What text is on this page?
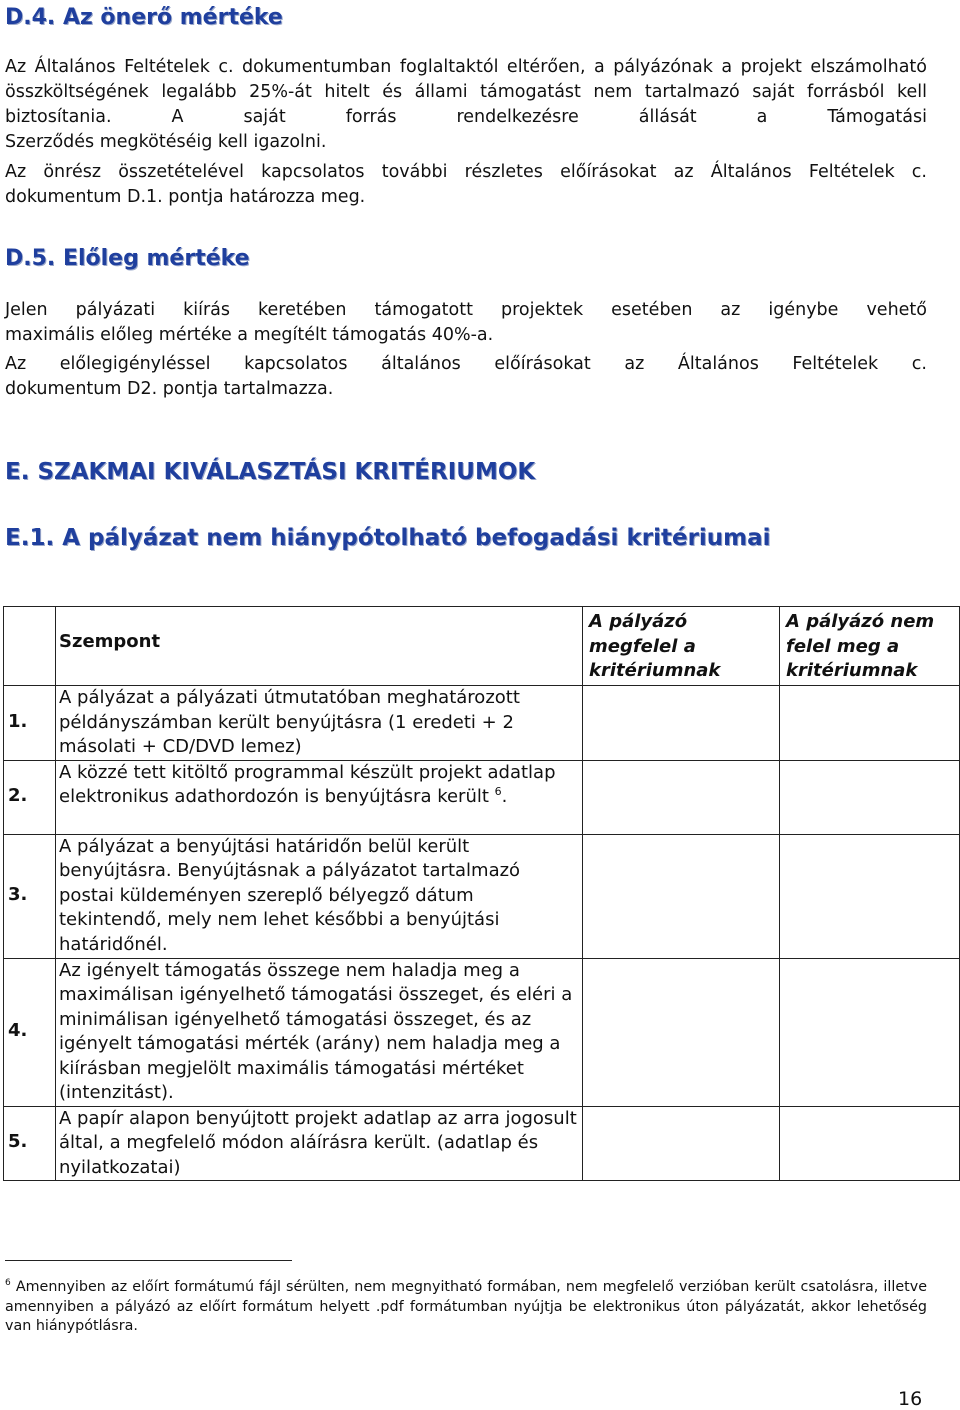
D.4. Az önerő mértéke

Az Általános Feltételek c. dokumentumban foglaltaktól eltérően, a pályázónak a projekt elszámolható összköltségének legalább 25%-át hitelt és állami támogatást nem tartalmazó saját forrásból kell biztosítania. A saját forrás rendelkezésre állását a Támogatási
Szerződés megkötéséig kell igazolni.

Az önrész összetételével kapcsolatos további részletes előírásokat az Általános Feltételek c.
dokumentum D.1. pontja határozza meg.

D.5. Előleg mértéke

Jelen pályázati kiírás keretében támogatott projektek esetében az igénybe vehető
maximális előleg mértéke a megítélt támogatás 40%-a.

Az előlegigényléssel kapcsolatos általános előírásokat az Általános Feltételek c.
dokumentum D2. pontja tartalmazza.

E. SZAKMAI KIVÁLASZTÁSI KRITÉRIUMOK
E.1. A pályázat nem hiánypótolható befogadási kritériumai
	Szempont	A pályázó megfelel a kritériumnak	A pályázó nem felel meg a kritériumnak
1.	A pályázat a pályázati útmutatóban meghatározott példányszámban került benyújtásra (1 eredeti + 2 másolati + CD/DVD lemez)		
2.	A közzé tett kitöltő programmal készült projekt adatlap elektronikus adathordozón is benyújtásra került $^6$.		
3.	A pályázat a benyújtási határidőn belül került benyújtásra. Benyújtásnak a pályázatot tartalmazó postai küldeményen szereplő bélyegző dátum tekintendő, mely nem lehet későbbi a benyújtási határidőnél.		
4.	Az igényelt támogatás összege nem haladja meg a maximálisan igényelhető támogatási összeget, és eléri a minimálisan igényelhető támogatási összeget, és az igényelt támogatási mérték (arány) nem haladja meg a kiírásban megjelölt maximális támogatási mértéket (intenzitást).		
5.	A papír alapon benyújtott projekt adatlap az arra jogosult által, a megfelelő módon aláírásra került. (adatlap és nyilatkozatai)		

$^6$ Amennyiben az előírt formátumú fájl sérülten, nem megnyitható formában, nem megfelelő verzióban került csatolásra, illetve amennyiben a pályázó az előírt formátum helyett .pdf formátumban nyújtja be elektronikus úton pályázatát, akkor lehetőség van hiánypótlásra.

16
